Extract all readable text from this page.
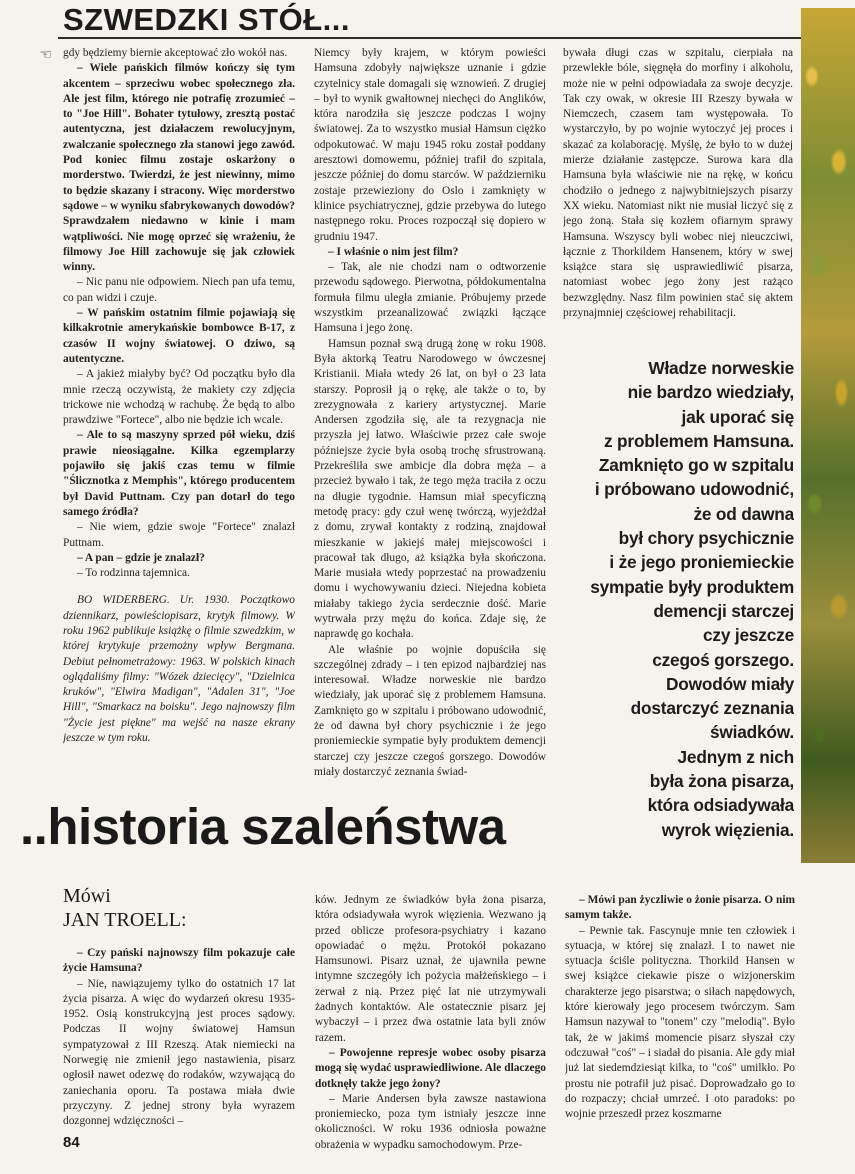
SZWEDZKI STÓŁ...
☞ gdy będziemy biernie akceptować zło wokół nas.

– Wiele pańskich filmów kończy się tym akcentem – sprzeciwu wobec społecznego zła. Ale jest film, którego nie potrafię zrozumieć – to "Joe Hill". Bohater tytułowy, zresztą postać autentyczna, jest działaczem rewolucyjnym, zwalczanie społecznego zła stanowi jego zawód. Pod koniec filmu zostaje oskarżony o morderstwo. Twierdzi, że jest niewinny, mimo to będzie skazany i stracony. Więc morderstwo sądowe – w wyniku sfabrykowanych dowodów? Sprawdzałem niedawno w kinie i mam wątpliwości. Nie mogę oprzeć się wrażeniu, że filmowy Joe Hill zachowuje się jak człowiek winny.

– Nic panu nie odpowiem. Niech pan ufa temu, co pan widzi i czuje.

– W pańskim ostatnim filmie pojawiają się kilkakrotnie amerykańskie bombowce B-17, z czasów II wojny światowej. O dziwo, są autentyczne.

– A jakież miałyby być? Od początku było dla mnie rzeczą oczywistą, że makiety czy zdjęcia trickowe nie wchodzą w rachubę. Że będą to albo prawdziwe "Fortece", albo nie będzie ich wcale.

– Ale to są maszyny sprzed pół wieku, dziś prawie nieosiągalne. Kilka egzemplarzy pojawiło się jakiś czas temu w filmie "Ślicznotka z Memphis", którego producentem był David Puttnam. Czy pan dotarł do tego samego źródła?

– Nie wiem, gdzie swoje "Fortece" znalazł Puttnam.

– A pan – gdzie je znalazł?

– To rodzinna tajemnica.

BO WIDERBERG. Ur. 1930. Początkowo dziennikarz, powieściopisarz, krytyk filmowy. W roku 1962 publikuje książkę o filmie szwedzkim, w której krytykuje przemożny wpływ Bergmana. Debiut pełnometrażowy: 1963. W polskich kinach oglądaliśmy filmy: "Wózek dziecięcy", "Dzielnica kruków", "Elwira Madigan", "Adalen 31", "Joe Hill", "Smarkacz na boisku". Jego najnowszy film "Życie jest piękne" ma wejść na nasze ekrany jeszcze w tym roku.

Niemcy były krajem, w którym powieści Hamsuna zdobyły największe uznanie i gdzie czytelnicy stale domagali się wznowień. Z drugiej – był to wynik gwałtownej niechęci do Anglików, która narodziła się jeszcze podczas I wojny światowej. Za to wszystko musiał Hamsun ciężko odpokutować. W maju 1945 roku został poddany aresztowi domowemu, później trafił do szpitala, jeszcze później do domu starców. W październiku zostaje przewieziony do Oslo i zamknięty w klinice psychiatrycznej, gdzie przebywa do lutego następnego roku. Proces rozpoczął się dopiero w grudniu 1947.

– I właśnie o nim jest film?

– Tak, ale nie chodzi nam o odtworzenie przewodu sądowego. Pierwotna, półdokumentalna formuła filmu uległa zmianie. Próbujemy przede wszystkim przeanalizować związki łączące Hamsuna i jego żonę.

Hamsun poznał swą drugą żonę w roku 1908. Była aktorką Teatru Narodowego w ówczesnej Kristianii. Miała wtedy 26 lat, on był o 23 lata starszy. Poprosił ją o rękę, ale także o to, by zrezygnowała z kariery artystycznej. Marie Andersen zgodziła się, ale ta rezygnacja nie przyszła jej łatwo. Właściwie przez całe swoje późniejsze życie była osobą trochę sfrustrowaną. Przekreśliła swe ambicje dla dobra męża – a przecież bywało i tak, że tego męża traciła z oczu na długie tygodnie. Hamsun miał specyficzną metodę pracy: gdy czuł wenę twórczą, wyjeżdżał z domu, zrywał kontakty z rodziną, znajdował mieszkanie w jakiejś małej miejscowości i pracował tak długo, aż książka była skończona. Marie musiała wtedy poprzestać na prowadzeniu domu i wychowywaniu dzieci. Niejedna kobieta miałaby takiego życia serdecznie dość. Marie wytrwała przy mężu do końca. Zdaje się, że naprawdę go kochała.

Ale właśnie po wojnie dopuściła się szczególnej zdrady – i ten epizod najbardziej nas interesował. Władze norweskie nie bardzo wiedziały, jak uporać się z problemem Hamsuna. Zamknięto go w szpitalu i próbowano udowodnić, że od dawna był chory psychicznie i że jego proniemieckie sympatie były produktem demencji starczej czy jeszcze czegoś gorszego. Dowodów miały dostarczyć zeznania świad-

bywała długi czas w szpitalu, cierpiała na przewlekłe bóle, sięgnęła do morfiny i alkoholu, może nie w pełni odpowiadała za swoje decyzje. Tak czy owak, w okresie III Rzeszy bywała w Niemczech, czasem tam występowała. To wystarczyło, by po wojnie wytoczyć jej proces i skazać za kolaborację. Myślę, że było to w dużej mierze działanie zastępcze. Surowa kara dla Hamsuna była właściwie nie na rękę, w końcu chodziło o jednego z najwybitniejszych pisarzy XX wieku. Natomiast nikt nie musiał liczyć się z jego żoną. Stała się kozłem ofiarnym sprawy Hamsuna. Wszyscy byli wobec niej nieuczciwi, łącznie z Thorkildem Hansenem, który w swej książce stara się usprawiedliwić pisarza, natomiast wobec jego żony jest rażąco bezwzględny. Nasz film powinien stać się aktem przynajmniej częściowej rehabilitacji.

Władze norweskie
nie bardzo wiedziały,
jak uporać się
z problemem Hamsuna.
Zamknięto go w szpitalu
i próbowano udowodnić,
że od dawna
był chory psychicznie
i że jego proniemieckie
sympatie były produktem
demencji starczej
czy jeszcze
czegoś gorszego.
Dowodów miały
dostarczyć zeznania
świadków.
Jednym z nich
była żona pisarza,
która odsiadywała
wyrok więzienia.
..historia szaleństwa
Mówi
JAN TROELL:

– Czy pański najnowszy film pokazuje całe życie Hamsuna?

– Nie, nawiązujemy tylko do ostatnich 17 lat życia pisarza. A więc do wydarzeń okresu 1935-1952. Osią konstrukcyjną jest proces sądowy. Podczas II wojny światowej Hamsun sympatyzował z III Rzeszą. Atak niemiecki na Norwegię nie zmienił jego nastawienia, pisarz ogłosił nawet odezwę do rodaków, wzywającą do zaniechania oporu. Ta postawa miała dwie przyczyny. Z jednej strony była wyrazem dozgonnej wdzięczności –

ków. Jednym ze świadków była żona pisarza, która odsiadywała wyrok więzienia. Wezwano ją przed oblicze profesora-psychiatry i kazano opowiadać o mężu. Protokół pokazano Hamsunowi. Pisarz uznał, że ujawniła pewne intymne szczegóły ich pożycia małżeńskiego – i zerwał z nią. Przez pięć lat nie utrzymywali żadnych kontaktów. Ale ostatecznie pisarz jej wybaczył – i przez dwa ostatnie lata byli znów razem.

– Powojenne represje wobec osoby pisarza mogą się wydać usprawiedliwione. Ale dlaczego dotknęły także jego żony?

– Marie Andersen była zawsze nastawiona proniemiecko, poza tym istniały jeszcze inne okoliczności. W roku 1936 odniosła poważne obrażenia w wypadku samochodowym. Prze-

– Mówi pan życzliwie o żonie pisarza. O nim samym także.

– Pewnie tak. Fascynuje mnie ten człowiek i sytuacja, w której się znalazł. I to nawet nie sytuacja ściśle polityczna. Thorkild Hansen w swej książce ciekawie pisze o wizjonerskim charakterze jego pisarstwa; o siłach napędowych, które kierowały jego procesem twórczym. Sam Hamsun nazywał to "tonem" czy "melodią". Było tak, że w jakimś momencie pisarz słyszał czy odczuwał "coś" – i siadał do pisania. Ale gdy miał już lat siedemdziesiąt kilka, to "coś" umilkło. Po prostu nie potrafił już pisać. Doprowadzało go to do rozpaczy; chciał umrzeć. I oto paradoks: po wojnie przeszedł przez koszmarne

84
